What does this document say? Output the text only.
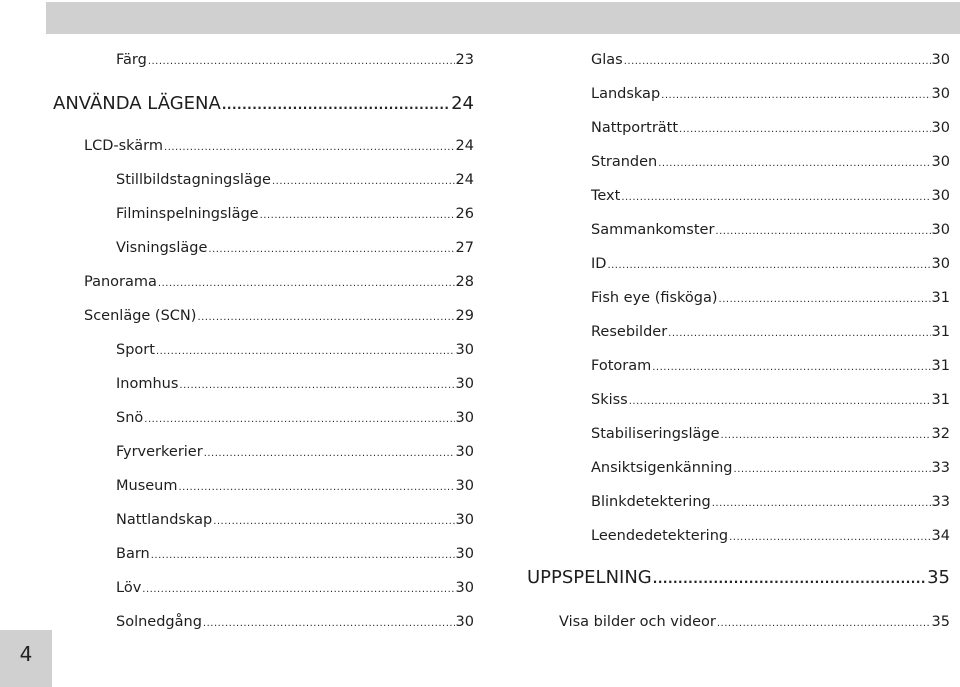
4
Färg .....	23
ANVÄNDA LÄGENA .....	24
LCD-skärm .....	24
Stillbildstagningsläge .....	24
Filminspelningsläge .....	26
Visningsläge .....	27
Panorama .....	28
Scenläge (SCN) .....	29
Sport .....	30
Inomhus .....	30
Snö .....	30
Fyrverkerier .....	30
Museum .....	30
Nattlandskap .....	30
Barn .....	30
Löv .....	30
Solnedgång .....	30
Glas .....	30
Landskap .....	30
Nattporträtt .....	30
Stranden .....	30
Text .....	30
Sammankomster .....	30
ID .....	30
Fish eye (fisköga) .....	31
Resebilder .....	31
Fotoram .....	31
Skiss .....	31
Stabiliseringsläge .....	32
Ansiktsigenkänning .....	33
Blinkdetektering .....	33
Leendedetektering .....	34
UPPSPELNING .....	35
Visa bilder och videor .....	35
